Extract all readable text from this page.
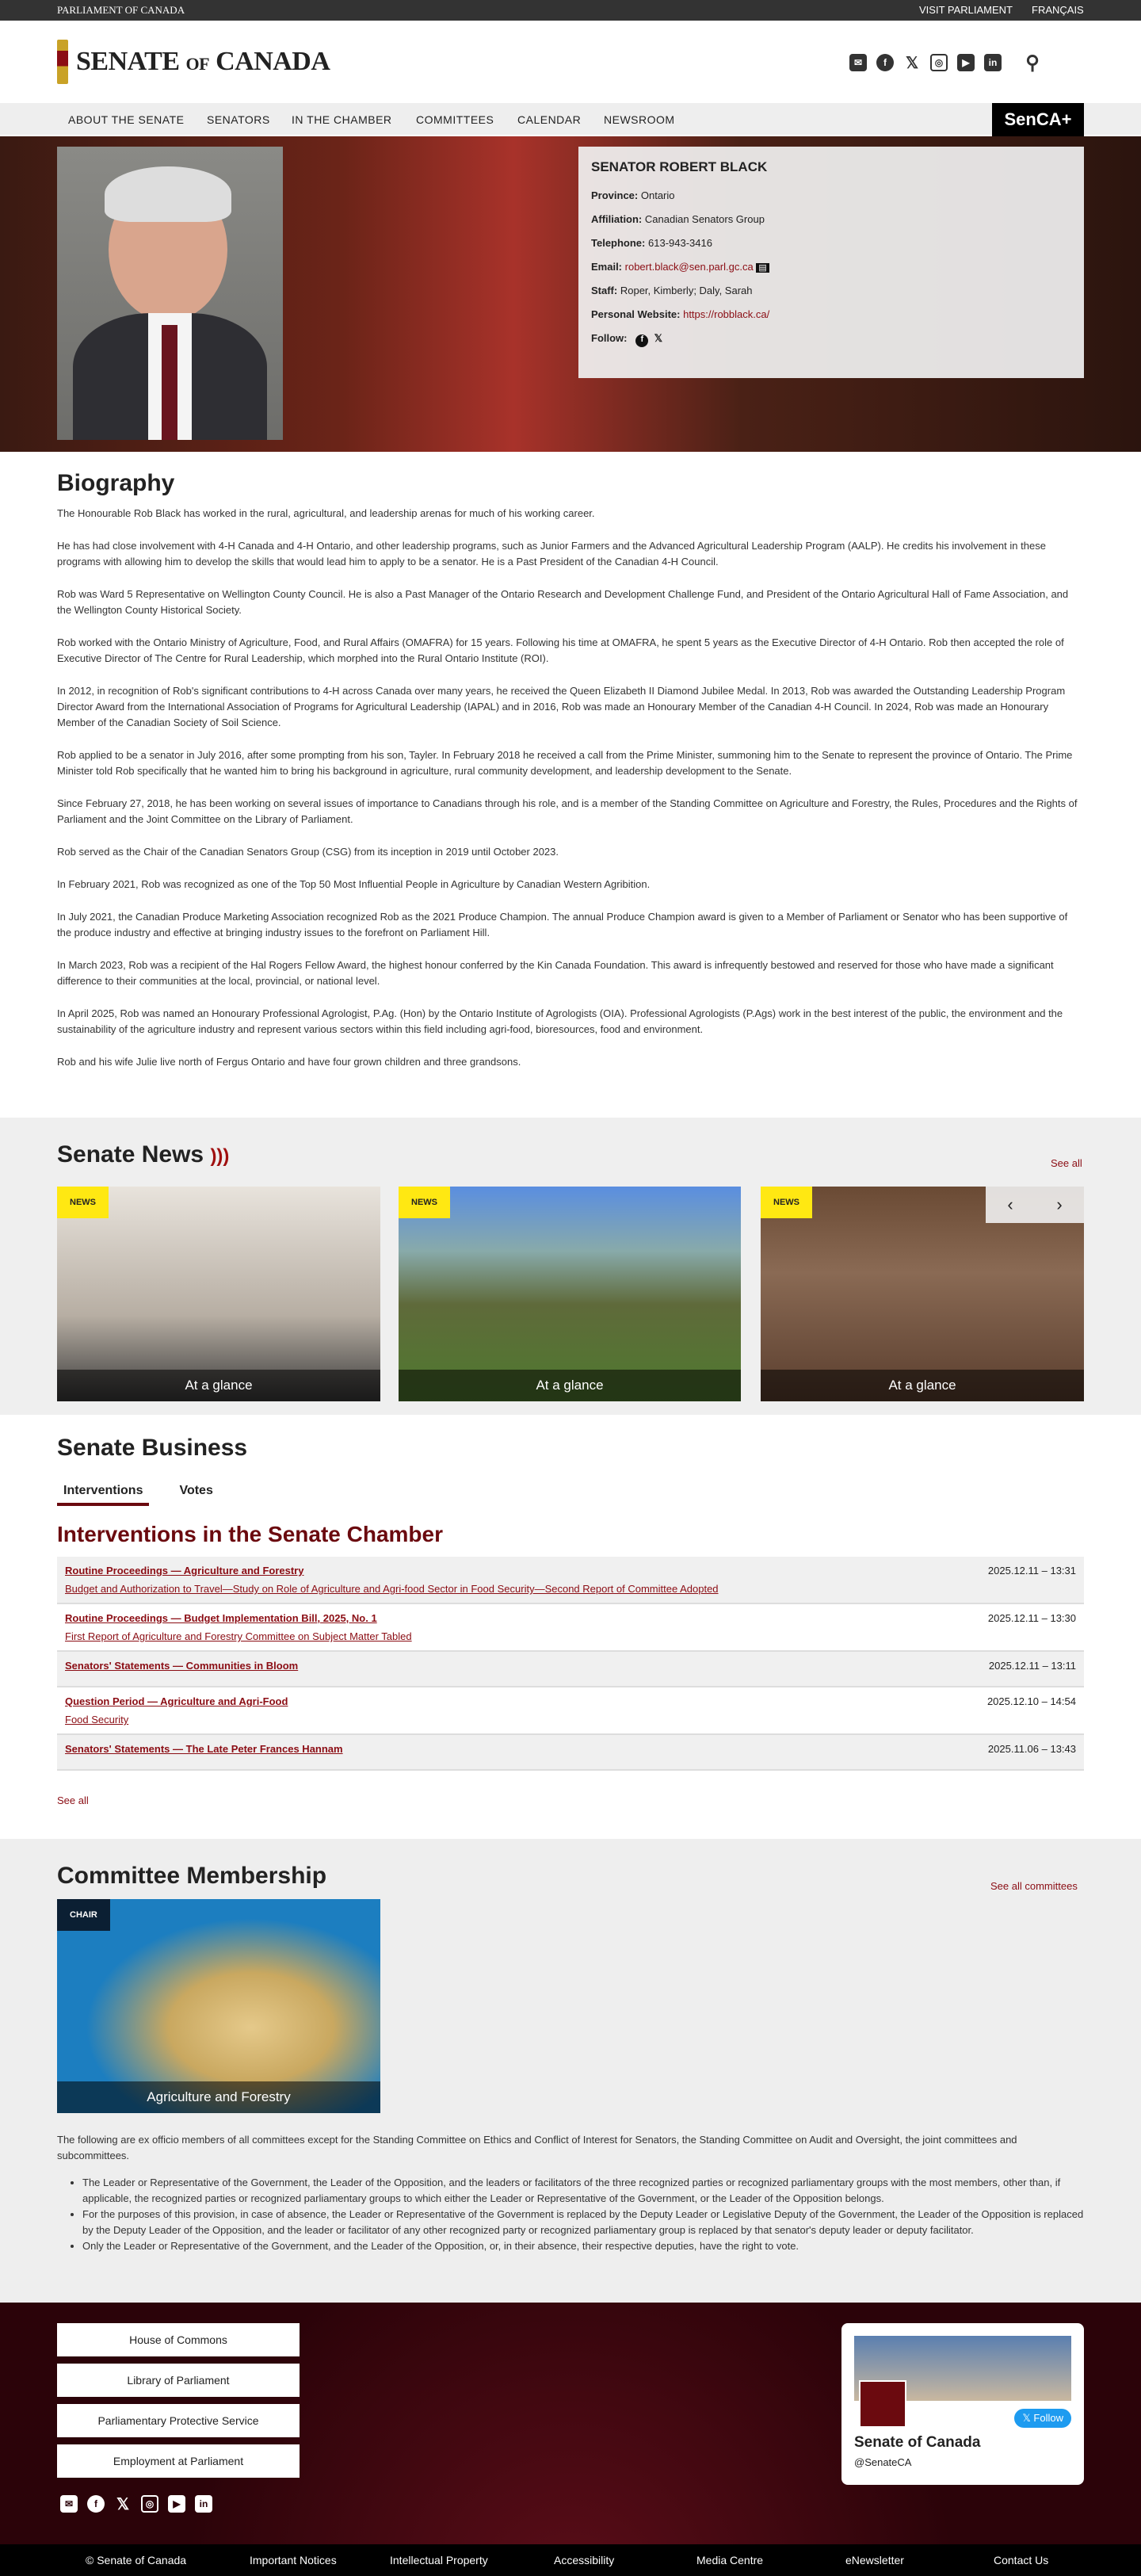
PARLIAMENT OF CANADA	VISIT PARLIAMENT FRANÇAIS
SENATE OF CANADA	✉	f	𝕏	◎	▶	in ⚲
ABOUT THE SENATE SENATORS IN THE CHAMBER COMMITTEES CALENDAR NEWSROOM	SenCA+
SENATOR ROBERT BLACK

Province: Ontario

Affiliation: Canadian Senators Group

Telephone: 613-943-3416

Email: robert.black@sen.parl.gc.ca ▤

Staff: Roper, Kimberly; Daly, Sarah

Personal Website: https://robblack.ca/

Follow: f 𝕏

Biography

The Honourable Rob Black has worked in the rural, agricultural, and leadership arenas for much of his working career.

He has had close involvement with 4-H Canada and 4-H Ontario, and other leadership programs, such as Junior Farmers and the Advanced Agricultural Leadership Program (AALP). He credits his involvement in these programs with allowing him to develop the skills that would lead him to apply to be a senator. He is a Past President of the Canadian 4-H Council.

Rob was Ward 5 Representative on Wellington County Council. He is also a Past Manager of the Ontario Research and Development Challenge Fund, and President of the Ontario Agricultural Hall of Fame Association, and the Wellington County Historical Society.

Rob worked with the Ontario Ministry of Agriculture, Food, and Rural Affairs (OMAFRA) for 15 years. Following his time at OMAFRA, he spent 5 years as the Executive Director of 4-H Ontario. Rob then accepted the role of Executive Director of The Centre for Rural Leadership, which morphed into the Rural Ontario Institute (ROI).

In 2012, in recognition of Rob's significant contributions to 4-H across Canada over many years, he received the Queen Elizabeth II Diamond Jubilee Medal. In 2013, Rob was awarded the Outstanding Leadership Program Director Award from the International Association of Programs for Agricultural Leadership (IAPAL) and in 2016, Rob was made an Honourary Member of the Canadian 4-H Council. In 2024, Rob was made an Honourary Member of the Canadian Society of Soil Science.

Rob applied to be a senator in July 2016, after some prompting from his son, Tayler. In February 2018 he received a call from the Prime Minister, summoning him to the Senate to represent the province of Ontario. The Prime Minister told Rob specifically that he wanted him to bring his background in agriculture, rural community development, and leadership development to the Senate.

Since February 27, 2018, he has been working on several issues of importance to Canadians through his role, and is a member of the Standing Committee on Agriculture and Forestry, the Rules, Procedures and the Rights of Parliament and the Joint Committee on the Library of Parliament.

Rob served as the Chair of the Canadian Senators Group (CSG) from its inception in 2019 until October 2023.

In February 2021, Rob was recognized as one of the Top 50 Most Influential People in Agriculture by Canadian Western Agribition.

In July 2021, the Canadian Produce Marketing Association recognized Rob as the 2021 Produce Champion. The annual Produce Champion award is given to a Member of Parliament or Senator who has been supportive of the produce industry and effective at bringing industry issues to the forefront on Parliament Hill.

In March 2023, Rob was a recipient of the Hal Rogers Fellow Award, the highest honour conferred by the Kin Canada Foundation. This award is infrequently bestowed and reserved for those who have made a significant difference to their communities at the local, provincial, or national level.

In April 2025, Rob was named an Honourary Professional Agrologist, P.Ag. (Hon) by the Ontario Institute of Agrologists (OIA). Professional Agrologists (P.Ags) work in the best interest of the public, the environment and the sustainability of the agriculture industry and represent various sectors within this field including agri-food, bioresources, food and environment.

Rob and his wife Julie live north of Fergus Ontario and have four grown children and three grandsons.

Senate News )))	See all
NEWS
At a glance
NEWS
At a glance
NEWS
At a glance
‹ ›
Senate Business
Interventions	Votes
Interventions in the Senate Chamber
Routine Proceedings — Agriculture and Forestry
Budget and Authorization to Travel—Study on Role of Agriculture and Agri-food Sector in Food Security—Second Report of Committee Adopted
2025.12.11 – 13:31
Routine Proceedings — Budget Implementation Bill, 2025, No. 1
First Report of Agriculture and Forestry Committee on Subject Matter Tabled
2025.12.11 – 13:30
Senators' Statements — Communities in Bloom	2025.12.11 – 13:11
Question Period — Agriculture and Agri-Food
Food Security
2025.12.10 – 14:54
Senators' Statements — The Late Peter Frances Hannam	2025.11.06 – 13:43
See all
Committee Membership	See all committees
CHAIR
Agriculture and Forestry

The following are ex officio members of all committees except for the Standing Committee on Ethics and Conflict of Interest for Senators, the Standing Committee on Audit and Oversight, the joint committees and subcommittees.

• The Leader or Representative of the Government, the Leader of the Opposition, and the leaders or facilitators of the three recognized parties or recognized parliamentary groups with the most members, other than, if applicable, the recognized parties or recognized parliamentary groups to which either the Leader or Representative of the Government, or the Leader of the Opposition belongs.
• For the purposes of this provision, in case of absence, the Leader or Representative of the Government is replaced by the Deputy Leader or Legislative Deputy of the Government, the Leader of the Opposition is replaced by the Deputy Leader of the Opposition, and the leader or facilitator of any other recognized party or recognized parliamentary group is replaced by that senator's deputy leader or deputy facilitator.
• Only the Leader or Representative of the Government, and the Leader of the Opposition, or, in their absence, their respective deputies, have the right to vote.
House of Commons
Library of Parliament
Parliamentary Protective Service
Employment at Parliament
✉	f	𝕏	◎	▶	in
𝕏 Follow
Senate of Canada
@SenateCA
© Senate of Canada	Important Notices	Intellectual Property	Accessibility	Media Centre	eNewsletter	Contact Us
